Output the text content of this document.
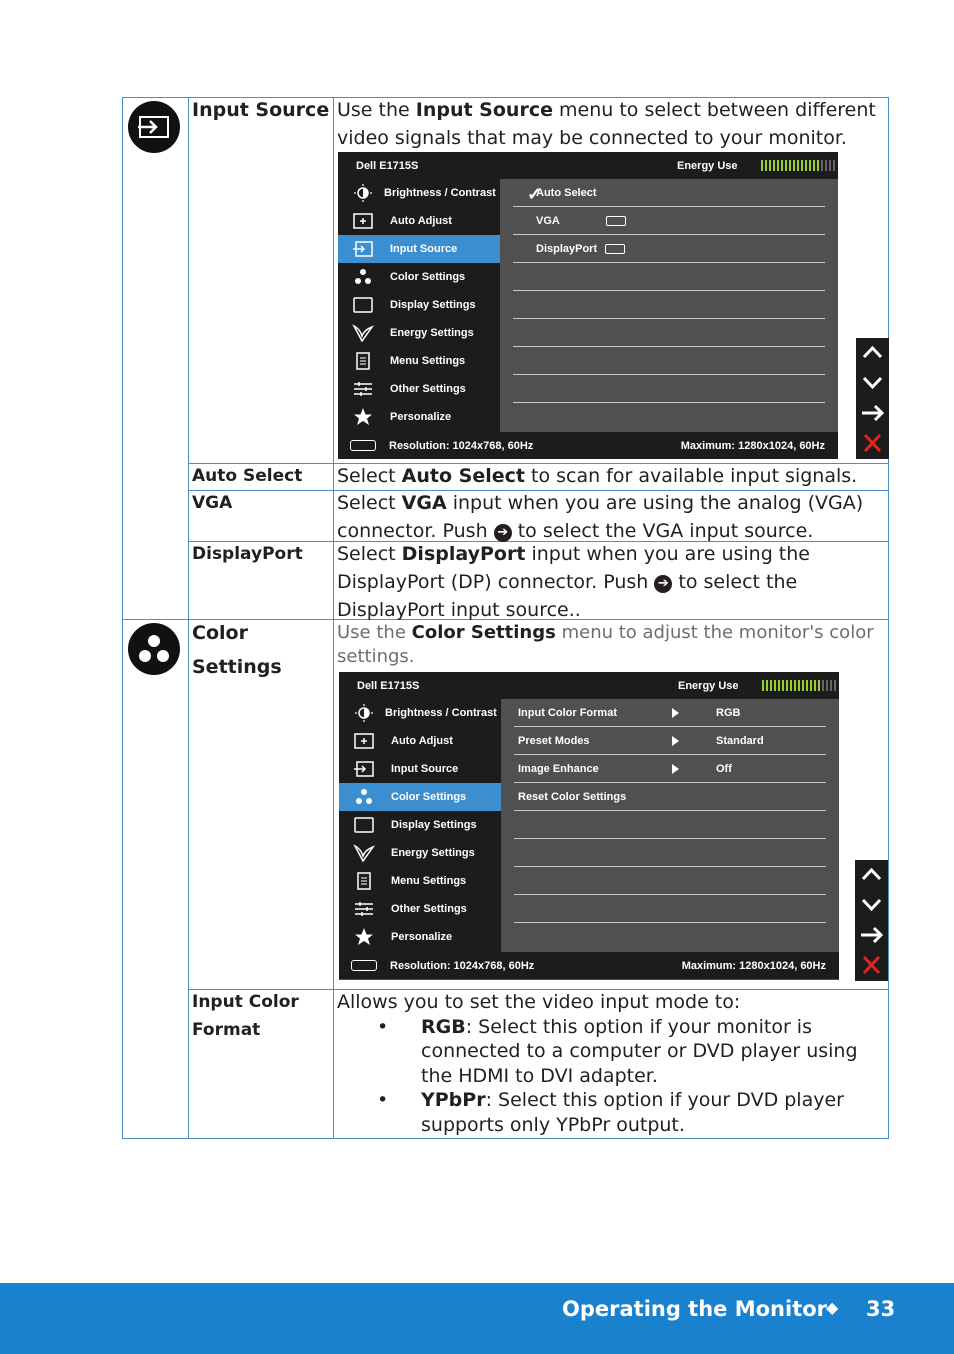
Input Source Use the Input Source menu to select between different video signals that may be connected to your monitor.
Dell E1715S	Energy Use
Brightness / Contrast
Auto Adjust
Input Source
Color Settings
Display Settings
Energy Settings
Menu Settings
Other Settings
Personalize
✓
Auto Select
VGA
DisplayPort
Resolution: 1024x768, 60Hz	Maximum: 1280x1024, 60Hz
Auto Select Select Auto Select to scan for available input signals.
VGA	Select VGA input when you are using the analog (VGA) connector. Push ➔ to select the VGA input source.
DisplayPort Select DisplayPort input when you are using the DisplayPort (DP) connector. Push ➔ to select the DisplayPort input source..
Color
Settings
Use the Color Settings menu to adjust the monitor's color settings.
Dell E1715S	Energy Use
Brightness / Contrast
Auto Adjust
Input Source
Color Settings
Display Settings
Energy Settings
Menu Settings
Other Settings
Personalize
Input Color Format	RGB
Preset Modes	Standard
Image Enhance	Off
Reset Color Settings
Resolution: 1024x768, 60Hz	Maximum: 1280x1024, 60Hz
Input Color
Format
Allows you to set the video input mode to:
• RGB: Select this option if your monitor is connected to a computer or DVD player using the HDMI to DVI adapter.
• YPbPr: Select this option if your DVD player supports only YPbPr output.
Operating the Monitor
◆ 33
